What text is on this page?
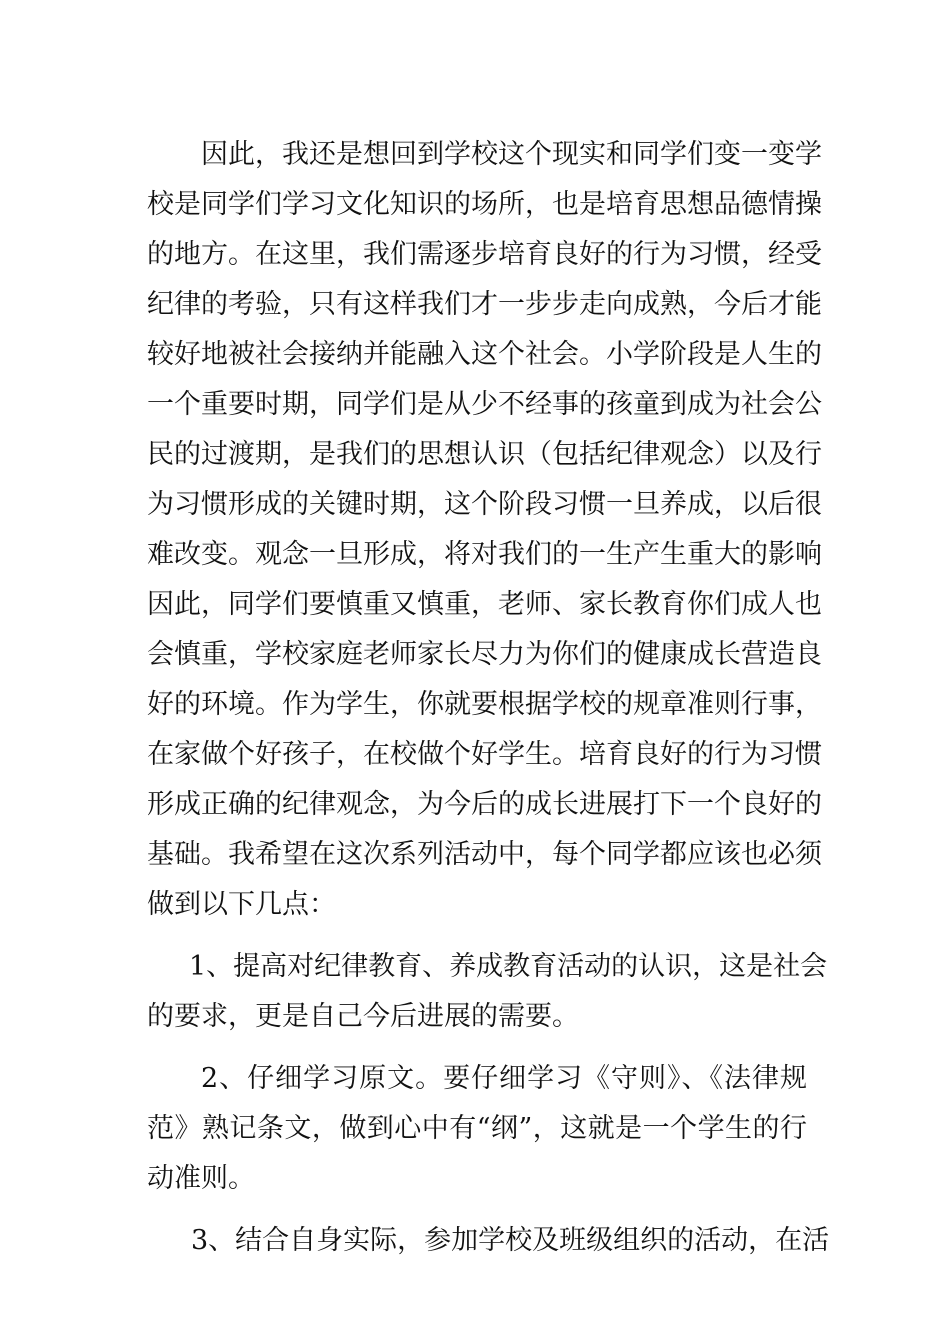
因此，我还是想回到学校这个现实和同学们变一变学
校是同学们学习文化知识的场所，也是培育思想品德情操
的地方。在这里，我们需逐步培育良好的行为习惯，经受
纪律的考验，只有这样我们才一步步走向成熟，今后才能
较好地被社会接纳并能融入这个社会。小学阶段是人生的
一个重要时期，同学们是从少不经事的孩童到成为社会公
民的过渡期，是我们的思想认识（包括纪律观念）以及行
为习惯形成的关键时期，这个阶段习惯一旦养成，以后很
难改变。观念一旦形成，将对我们的一生产生重大的影响
因此，同学们要慎重又慎重，老师、家长教育你们成人也
会慎重，学校家庭老师家长尽力为你们的健康成长营造良
好的环境。作为学生，你就要根据学校的规章准则行事，
在家做个好孩子，在校做个好学生。培育良好的行为习惯
形成正确的纪律观念，为今后的成长进展打下一个良好的
基础。我希望在这次系列活动中，每个同学都应该也必须
做到以下几点：
1、提高对纪律教育、养成教育活动的认识，这是社会
的要求，更是自己今后进展的需要。
2、仔细学习原文。要仔细学习《守则》、《法律规
范》熟记条文，做到心中有“纲”，这就是一个学生的行
动准则。
3、结合自身实际，参加学校及班级组织的活动，在活
